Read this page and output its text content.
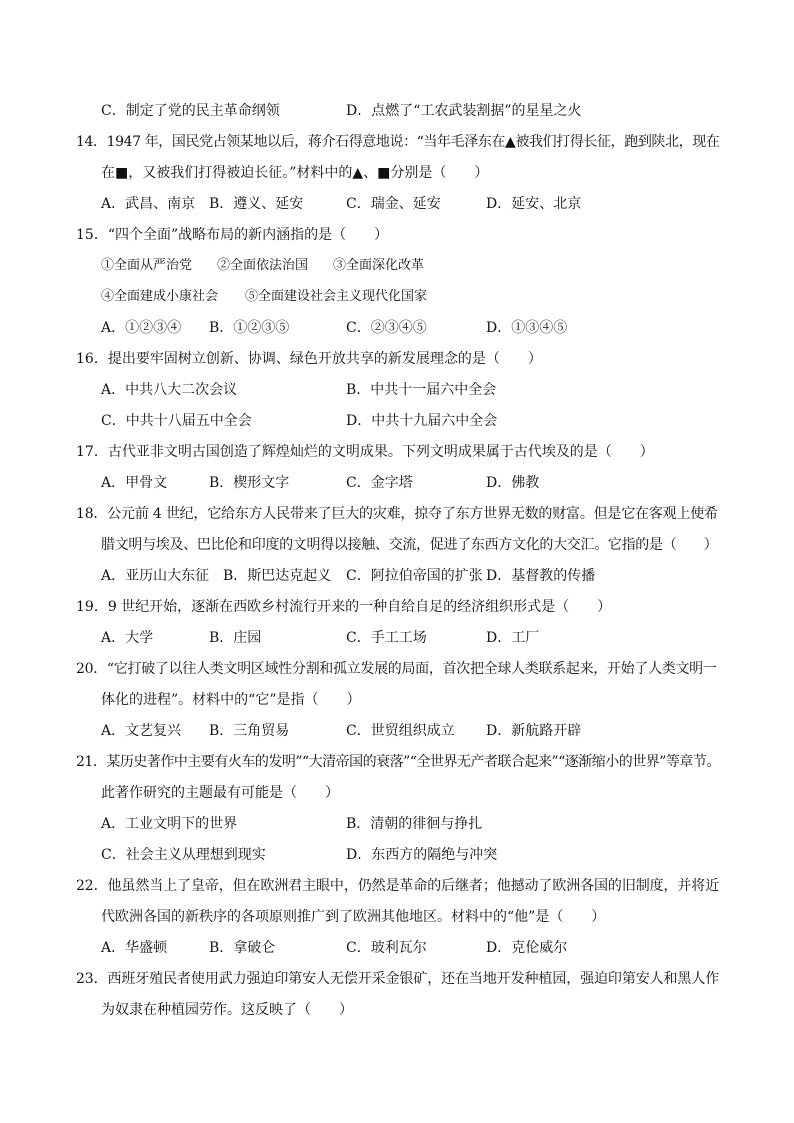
C．制定了党的民主革命纲领	D．点燃了“工农武装割据”的星星之火
14．1947 年，国民党占领某地以后，蒋介石得意地说：“当年毛泽东在▲被我们打得长征，跑到陕北，现在
在■，又被我们打得被迫长征。”材料中的▲、■分别是（　　）
A．武昌、南京 B．遵义、延安	C．瑞金、延安	D．延安、北京
15．“四个全面”战略布局的新内涵指的是（　　）
①全面从严治党 ②全面依法治国 ③全面深化改革
④全面建成小康社会 ⑤全面建设社会主义现代化国家
A．①②③④ B．①②③⑤	C．②③④⑤	D．①③④⑤
16．提出要牢固树立创新、协调、绿色开放共享的新发展理念的是（　　）
A．中共八大二次会议	B．中共十一届六中全会
C．中共十八届五中全会	D．中共十九届六中全会
17．古代亚非文明古国创造了辉煌灿烂的文明成果。下列文明成果属于古代埃及的是（　　）
A．甲骨文	B．楔形文字	C．金字塔	D．佛教
18．公元前 4 世纪，它给东方人民带来了巨大的灾难，掠夺了东方世界无数的财富。但是它在客观上使希
腊文明与埃及、巴比伦和印度的文明得以接触、交流，促进了东西方文化的大交汇。它指的是（　　）
A．亚历山大东征 B．斯巴达克起义 C．阿拉伯帝国的扩张 D．基督教的传播
19．9 世纪开始，逐渐在西欧乡村流行开来的一种自给自足的经济组织形式是（　　）
A．大学	B．庄园	C．手工工场	D．工厂
20．“它打破了以往人类文明区域性分割和孤立发展的局面，首次把全球人类联系起来，开始了人类文明一
体化的进程”。材料中的“它”是指（　　）
A．文艺复兴 B．三角贸易	C．世贸组织成立 D．新航路开辟
21．某历史著作中主要有火车的发明”“大清帝国的衰落”“全世界无产者联合起来”“逐渐缩小的世界”等章节。
此著作研究的主题最有可能是（　　）
A．工业文明下的世界	B．清朝的徘徊与挣扎
C．社会主义从理想到现实	D．东西方的隔绝与冲突
22．他虽然当上了皇帝，但在欧洲君主眼中，仍然是革命的后继者；他撼动了欧洲各国的旧制度，并将近
代欧洲各国的新秩序的各项原则推广到了欧洲其他地区。材料中的“他”是（　　）
A．华盛顿	B．拿破仑	C．玻利瓦尔	D．克伦威尔
23．西班牙殖民者使用武力强迫印第安人无偿开采金银矿，还在当地开发种植园，强迫印第安人和黑人作
为奴隶在种植园劳作。这反映了（　　）
